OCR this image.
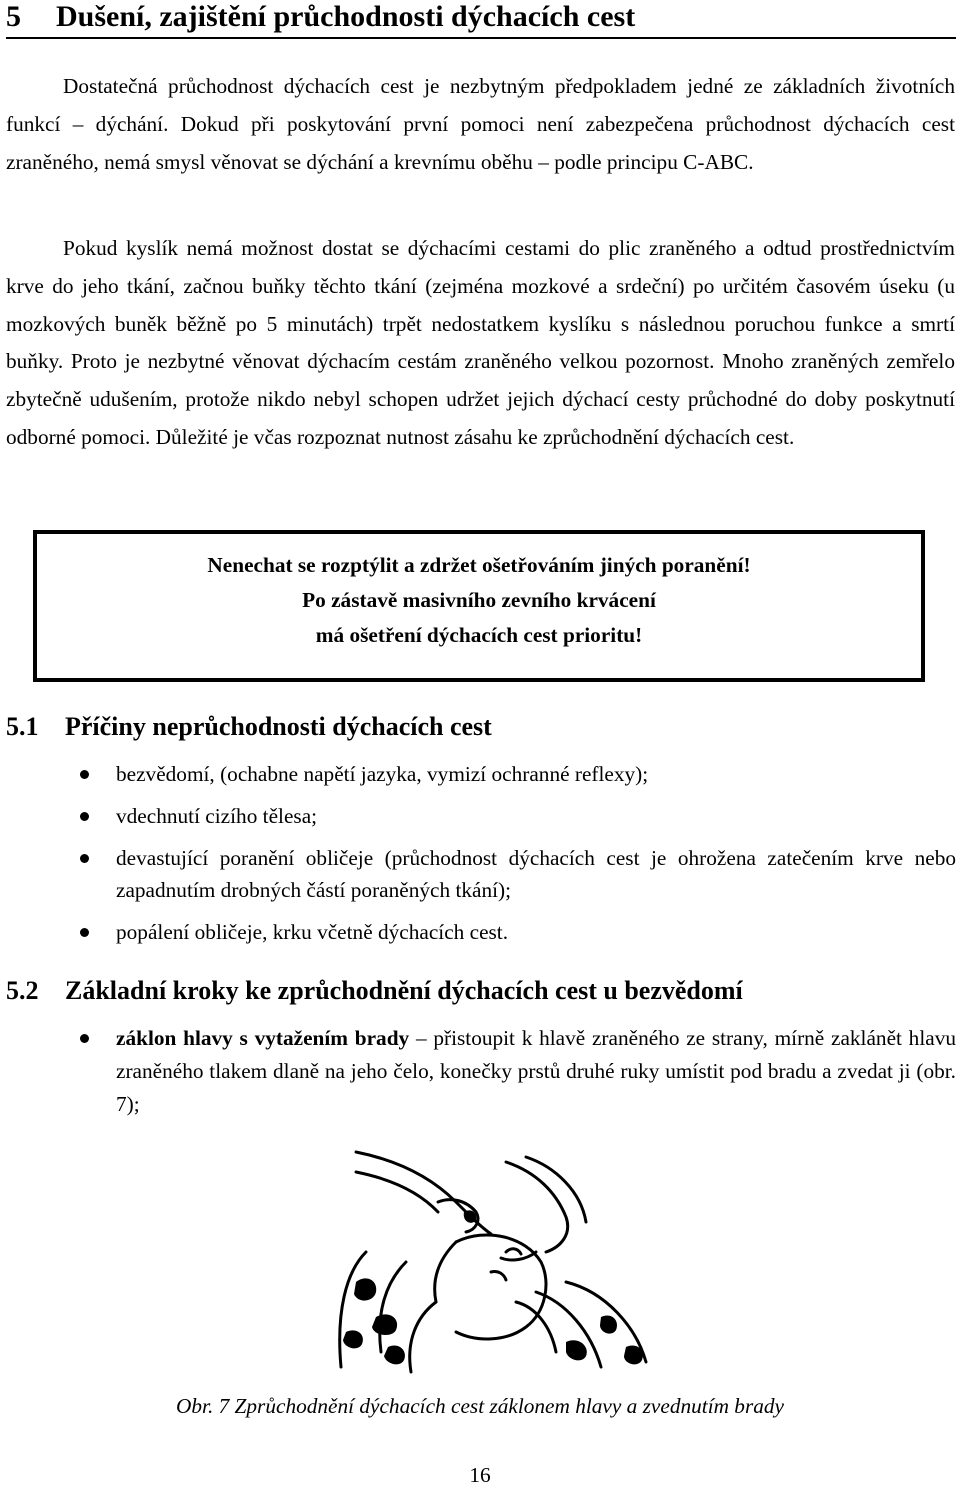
5 Dušení, zajištění průchodnosti dýchacích cest

Dostatečná průchodnost dýchacích cest je nezbytným předpokladem jedné ze základních životních funkcí – dýchání. Dokud při poskytování první pomoci není zabezpečena průchodnost dýchacích cest zraněného, nemá smysl věnovat se dýchání a krevnímu oběhu – podle principu C-ABC.

Pokud kyslík nemá možnost dostat se dýchacími cestami do plic zraněného a odtud prostřednictvím krve do jeho tkání, začnou buňky těchto tkání (zejména mozkové a srdeční) po určitém časovém úseku (u mozkových buněk běžně po 5 minutách) trpět nedostatkem kyslíku s následnou poruchou funkce a smrtí buňky. Proto je nezbytné věnovat dýchacím cestám zraněného velkou pozornost. Mnoho zraněných zemřelo zbytečně udušením, protože nikdo nebyl schopen udržet jejich dýchací cesty průchodné do doby poskytnutí odborné pomoci. Důležité je včas rozpoznat nutnost zásahu ke zprůchodnění dýchacích cest.

Nenechat se rozptýlit a zdržet ošetřováním jiných poranění!
Po zástavě masivního zevního krvácení
má ošetření dýchacích cest prioritu!
5.1 Příčiny neprůchodnosti dýchacích cest
bezvědomí, (ochabne napětí jazyka, vymizí ochranné reflexy);
vdechnutí cizího tělesa;
devastující poranění obličeje (průchodnost dýchacích cest je ohrožena zatečením krve nebo zapadnutím drobných částí poraněných tkání);
popálení obličeje, krku včetně dýchacích cest.
5.2 Základní kroky ke zprůchodnění dýchacích cest u bezvědomí
záklon hlavy s vytažením brady – přistoupit k hlavě zraněného ze strany, mírně zaklánět hlavu zraněného tlakem dlaně na jeho čelo, konečky prstů druhé ruky umístit pod bradu a zvedat ji (obr. 7);
Obr. 7 Zprůchodnění dýchacích cest záklonem hlavy a zvednutím brady
16
